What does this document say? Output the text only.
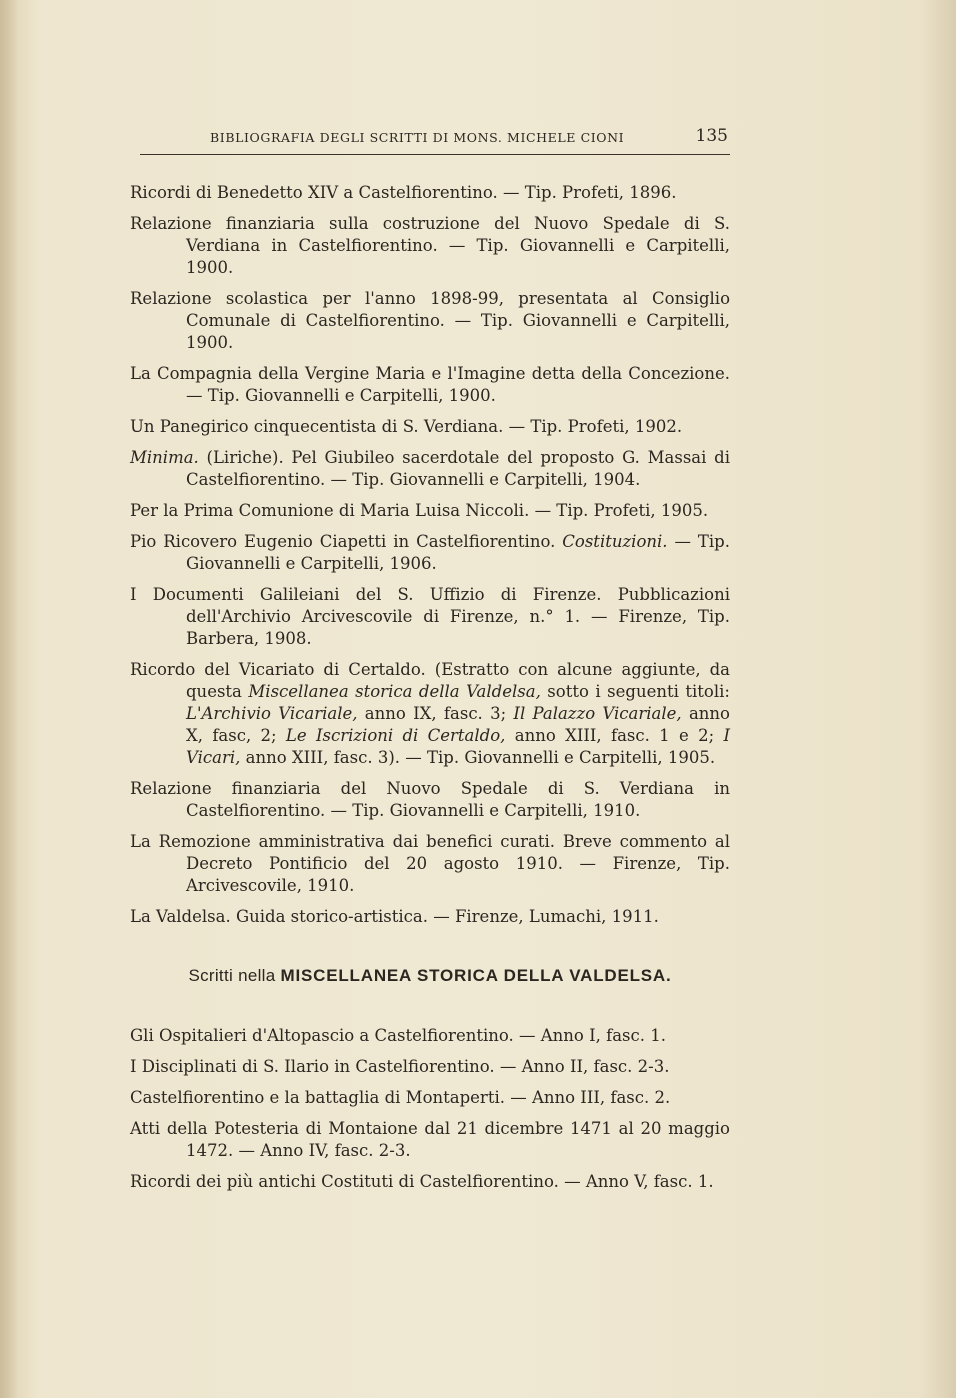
BIBLIOGRAFIA DEGLI SCRITTI DI MONS. MICHELE CIONI	135

Ricordi di Benedetto XIV a Castelfiorentino. — Tip. Profeti, 1896.

Relazione finanziaria sulla costruzione del Nuovo Spedale di S. Verdiana in Castelfiorentino. — Tip. Giovannelli e Carpitelli, 1900.

Relazione scolastica per l'anno 1898-99, presentata al Consiglio Comunale di Castelfiorentino. — Tip. Giovannelli e Carpitelli, 1900.

La Compagnia della Vergine Maria e l'Imagine detta della Concezione. — Tip. Giovannelli e Carpitelli, 1900.

Un Panegirico cinquecentista di S. Verdiana. — Tip. Profeti, 1902.

Minima. (Liriche). Pel Giubileo sacerdotale del proposto G. Massai di Castelfiorentino. — Tip. Giovannelli e Carpitelli, 1904.

Per la Prima Comunione di Maria Luisa Niccoli. — Tip. Profeti, 1905.

Pio Ricovero Eugenio Ciapetti in Castelfiorentino. Costituzioni. — Tip. Giovannelli e Carpitelli, 1906.

I Documenti Galileiani del S. Uffizio di Firenze. Pubblicazioni dell'Archivio Arcivescovile di Firenze, n.° 1. — Firenze, Tip. Barbera, 1908.

Ricordo del Vicariato di Certaldo. (Estratto con alcune aggiunte, da questa Miscellanea storica della Valdelsa, sotto i seguenti titoli: L'Archivio Vicariale, anno IX, fasc. 3; Il Palazzo Vicariale, anno X, fasc, 2; Le Iscrizioni di Certaldo, anno XIII, fasc. 1 e 2; I Vicari, anno XIII, fasc. 3). — Tip. Giovannelli e Carpitelli, 1905.

Relazione finanziaria del Nuovo Spedale di S. Verdiana in Castelfiorentino. — Tip. Giovannelli e Carpitelli, 1910.

La Remozione amministrativa dai benefici curati. Breve commento al Decreto Pontificio del 20 agosto 1910. — Firenze, Tip. Arcivescovile, 1910.

La Valdelsa. Guida storico-artistica. — Firenze, Lumachi, 1911.

Scritti nella MISCELLANEA STORICA DELLA VALDELSA.

Gli Ospitalieri d'Altopascio a Castelfiorentino. — Anno I, fasc. 1.

I Disciplinati di S. Ilario in Castelfiorentino. — Anno II, fasc. 2-3.

Castelfiorentino e la battaglia di Montaperti. — Anno III, fasc. 2.

Atti della Potesteria di Montaione dal 21 dicembre 1471 al 20 maggio 1472. — Anno IV, fasc. 2-3.

Ricordi dei più antichi Costituti di Castelfiorentino. — Anno V, fasc. 1.
